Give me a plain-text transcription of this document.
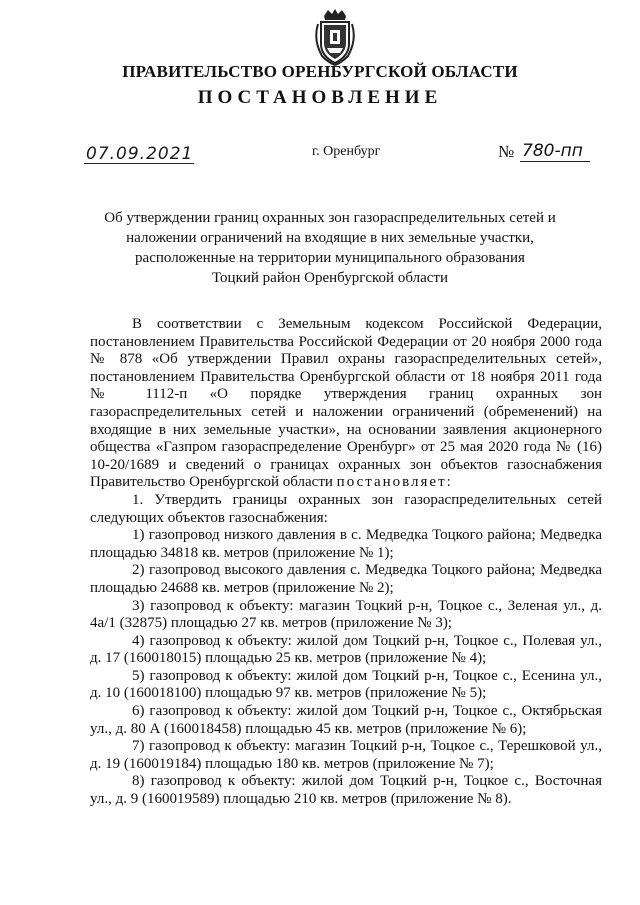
ПРАВИТЕЛЬСТВО ОРЕНБУРГСКОЙ ОБЛАСТИ
ПОСТАНОВЛЕНИЕ
07.09.2021	г. Оренбург	№ 780-пп
Об утверждении границ охранных зон газораспределительных сетей и
наложении ограничений на входящие в них земельные участки,
расположенные на территории муниципального образования
Тоцкий район Оренбургской области

В соответствии с Земельным кодексом Российской Федерации, постановлением Правительства Российской Федерации от 20 ноября 2000 года № 878 «Об утверждении Правил охраны газораспределительных сетей», постановлением Правительства Оренбургской области от 18 ноября 2011 года № 1112-п «О порядке утверждения границ охранных зон газораспределительных сетей и наложении ограничений (обременений) на входящие в них земельные участки», на основании заявления акционерного общества «Газпром газораспределение Оренбург» от 25 мая 2020 года № (16) 10-20/1689 и сведений о границах охранных зон объектов газоснабжения Правительство Оренбургской области постановляет:

1. Утвердить границы охранных зон газораспределительных сетей следующих объектов газоснабжения:

1) газопровод низкого давления в с. Медведка Тоцкого района; Медведка площадью 34818 кв. метров (приложение № 1);

2) газопровод высокого давления с. Медведка Тоцкого района; Медведка площадью 24688 кв. метров (приложение № 2);

3) газопровод к объекту: магазин Тоцкий р-н, Тоцкое с., Зеленая ул., д. 4а/1 (32875) площадью 27 кв. метров (приложение № 3);

4) газопровод к объекту: жилой дом Тоцкий р-н, Тоцкое с., Полевая ул., д. 17 (160018015) площадью 25 кв. метров (приложение № 4);

5) газопровод к объекту: жилой дом Тоцкий р-н, Тоцкое с., Есенина ул., д. 10 (160018100) площадью 97 кв. метров (приложение № 5);

6) газопровод к объекту: жилой дом Тоцкий р-н, Тоцкое с., Октябрьская ул., д. 80 А (160018458) площадью 45 кв. метров (приложение № 6);

7) газопровод к объекту: магазин Тоцкий р-н, Тоцкое с., Терешковой ул., д. 19 (160019184) площадью 180 кв. метров (приложение № 7);

8) газопровод к объекту: жилой дом Тоцкий р-н, Тоцкое с., Восточная ул., д. 9 (160019589) площадью 210 кв. метров (приложение № 8).
